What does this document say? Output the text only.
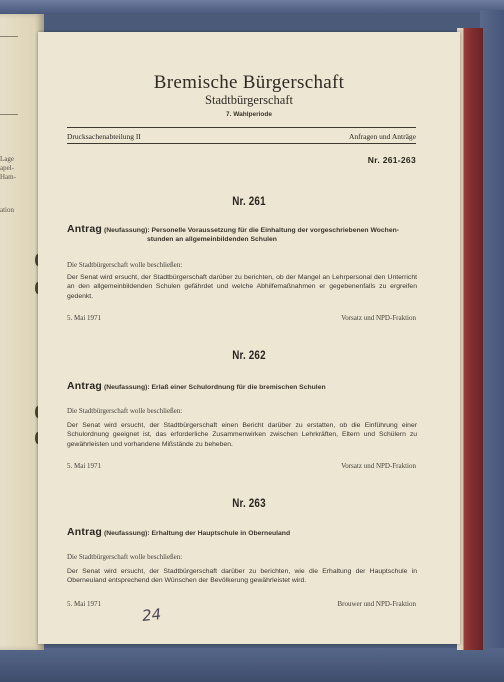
Lage
apel-
Ham-
ation
Bremische Bürgerschaft
Stadtbürgerschaft
7. Wahlperiode
Drucksachenabteilung II	Anfragen und Anträge
Nr. 261-263
Nr. 261
Antrag (Neufassung): Personelle Voraussetzung für die Einhaltung der vorgeschriebenen Wochen-
stunden an allgemeinbildenden Schulen
Die Stadtbürgerschaft wolle beschließen:
Der Senat wird ersucht, der Stadtbürgerschaft darüber zu berichten, ob der Mangel an Lehrpersonal den Unterricht an den allgemeinbildenden Schulen gefährdet und welche Abhilfemaßnahmen er gegebenenfalls zu ergreifen gedenkt.
5. Mai 1971	Vorsatz und NPD-Fraktion
Nr. 262
Antrag (Neufassung): Erlaß einer Schulordnung für die bremischen Schulen
Die Stadtbürgerschaft wolle beschließen:
Der Senat wird ersucht, der Stadtbürgerschaft einen Bericht darüber zu erstatten, ob die Einführung einer Schulordnung geeignet ist, das erforderliche Zusammenwirken zwischen Lehrkräften, Eltern und Schülern zu gewährleisten und vorhandene Mißstände zu beheben.
5. Mai 1971	Vorsatz und NPD-Fraktion
Nr. 263
Antrag (Neufassung): Erhaltung der Hauptschule in Oberneuland
Die Stadtbürgerschaft wolle beschließen:
Der Senat wird ersucht, der Stadtbürgerschaft darüber zu berichten, wie die Erhaltung der Hauptschule in Oberneuland entsprechend den Wünschen der Bevölkerung gewährleistet wird.
5. Mai 1971	Brouwer und NPD-Fraktion
24
